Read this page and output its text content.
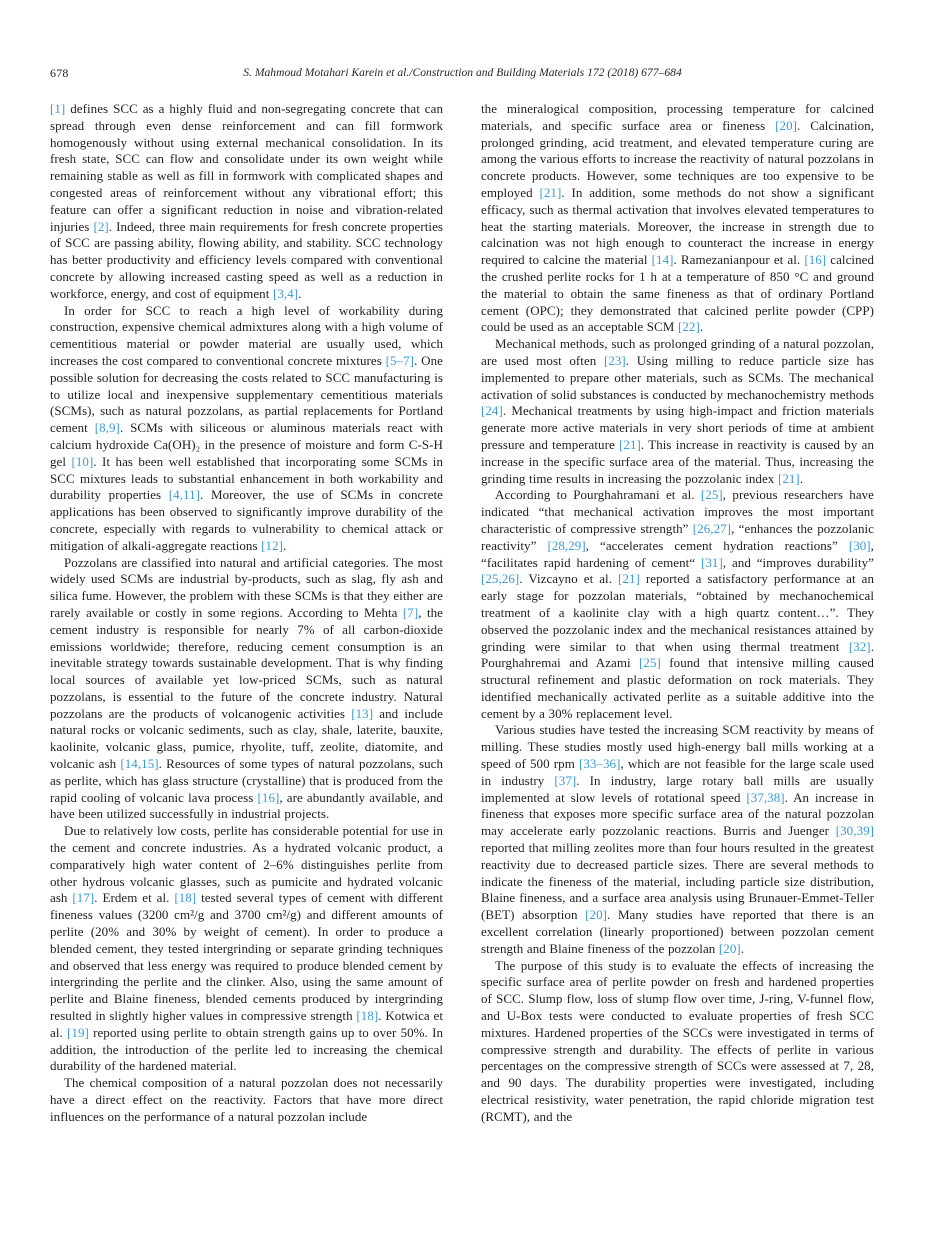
678	S. Mahmoud Motahari Karein et al./Construction and Building Materials 172 (2018) 677–684

[1] defines SCC as a highly fluid and non-segregating concrete that can spread through even dense reinforcement and can fill formwork homogenously without using external mechanical consolidation. In its fresh state, SCC can flow and consolidate under its own weight while remaining stable as well as fill in formwork with complicated shapes and congested areas of reinforcement without any vibrational effort; this feature can offer a significant reduction in noise and vibration-related injuries [2]. Indeed, three main requirements for fresh concrete properties of SCC are passing ability, flowing ability, and stability. SCC technology has better productivity and efficiency levels compared with conventional concrete by allowing increased casting speed as well as a reduction in workforce, energy, and cost of equipment [3,4].

In order for SCC to reach a high level of workability during construction, expensive chemical admixtures along with a high volume of cementitious material or powder material are usually used, which increases the cost compared to conventional concrete mixtures [5–7]. One possible solution for decreasing the costs related to SCC manufacturing is to utilize local and inexpensive supplementary cementitious materials (SCMs), such as natural pozzolans, as partial replacements for Portland cement [8,9]. SCMs with siliceous or aluminous materials react with calcium hydroxide Ca(OH)₂ in the presence of moisture and form C-S-H gel [10]. It has been well established that incorporating some SCMs in SCC mixtures leads to substantial enhancement in both workability and durability properties [4,11]. Moreover, the use of SCMs in concrete applications has been observed to significantly improve durability of the concrete, especially with regards to vulnerability to chemical attack or mitigation of alkali-aggregate reactions [12].

Pozzolans are classified into natural and artificial categories. The most widely used SCMs are industrial by-products, such as slag, fly ash and silica fume. However, the problem with these SCMs is that they either are rarely available or costly in some regions. According to Mehta [7], the cement industry is responsible for nearly 7% of all carbon-dioxide emissions worldwide; therefore, reducing cement consumption is an inevitable strategy towards sustainable development. That is why finding local sources of available yet low-priced SCMs, such as natural pozzolans, is essential to the future of the concrete industry. Natural pozzolans are the products of volcanogenic activities [13] and include natural rocks or volcanic sediments, such as clay, shale, laterite, bauxite, kaolinite, volcanic glass, pumice, rhyolite, tuff, zeolite, diatomite, and volcanic ash [14,15]. Resources of some types of natural pozzolans, such as perlite, which has glass structure (crystalline) that is produced from the rapid cooling of volcanic lava process [16], are abundantly available, and have been utilized successfully in industrial projects.

Due to relatively low costs, perlite has considerable potential for use in the cement and concrete industries. As a hydrated volcanic product, a comparatively high water content of 2–6% distinguishes perlite from other hydrous volcanic glasses, such as pumicite and hydrated volcanic ash [17]. Erdem et al. [18] tested several types of cement with different fineness values (3200 cm²/g and 3700 cm²/g) and different amounts of perlite (20% and 30% by weight of cement). In order to produce a blended cement, they tested intergrinding or separate grinding techniques and observed that less energy was required to produce blended cement by intergrinding the perlite and the clinker. Also, using the same amount of perlite and Blaine fineness, blended cements produced by intergrinding resulted in slightly higher values in compressive strength [18]. Kotwica et al. [19] reported using perlite to obtain strength gains up to over 50%. In addition, the introduction of the perlite led to increasing the chemical durability of the hardened material.

The chemical composition of a natural pozzolan does not necessarily have a direct effect on the reactivity. Factors that have more direct influences on the performance of a natural pozzolan include

the mineralogical composition, processing temperature for calcined materials, and specific surface area or fineness [20]. Calcination, prolonged grinding, acid treatment, and elevated temperature curing are among the various efforts to increase the reactivity of natural pozzolans in concrete products. However, some techniques are too expensive to be employed [21]. In addition, some methods do not show a significant efficacy, such as thermal activation that involves elevated temperatures to heat the starting materials. Moreover, the increase in strength due to calcination was not high enough to counteract the increase in energy required to calcine the material [14]. Ramezanianpour et al. [16] calcined the crushed perlite rocks for 1 h at a temperature of 850 °C and ground the material to obtain the same fineness as that of ordinary Portland cement (OPC); they demonstrated that calcined perlite powder (CPP) could be used as an acceptable SCM [22].

Mechanical methods, such as prolonged grinding of a natural pozzolan, are used most often [23]. Using milling to reduce particle size has implemented to prepare other materials, such as SCMs. The mechanical activation of solid substances is conducted by mechanochemistry methods [24]. Mechanical treatments by using high-impact and friction materials generate more active materials in very short periods of time at ambient pressure and temperature [21]. This increase in reactivity is caused by an increase in the specific surface area of the material. Thus, increasing the grinding time results in increasing the pozzolanic index [21].

According to Pourghahramani et al. [25], previous researchers have indicated “that mechanical activation improves the most important characteristic of compressive strength” [26,27], “enhances the pozzolanic reactivity” [28,29], “accelerates cement hydration reactions” [30], “facilitates rapid hardening of cement“ [31], and “improves durability” [25,26]. Vizcayno et al. [21] reported a satisfactory performance at an early stage for pozzolan materials, “obtained by mechanochemical treatment of a kaolinite clay with a high quartz content…”. They observed the pozzolanic index and the mechanical resistances attained by grinding were similar to that when using thermal treatment [32]. Pourghahremai and Azami [25] found that intensive milling caused structural refinement and plastic deformation on rock materials. They identified mechanically activated perlite as a suitable additive into the cement by a 30% replacement level.

Various studies have tested the increasing SCM reactivity by means of milling. These studies mostly used high-energy ball mills working at a speed of 500 rpm [33–36], which are not feasible for the large scale used in industry [37]. In industry, large rotary ball mills are usually implemented at slow levels of rotational speed [37,38]. An increase in fineness that exposes more specific surface area of the natural pozzolan may accelerate early pozzolanic reactions. Burris and Juenger [30,39] reported that milling zeolites more than four hours resulted in the greatest reactivity due to decreased particle sizes. There are several methods to indicate the fineness of the material, including particle size distribution, Blaine fineness, and a surface area analysis using Brunauer-Emmet-Teller (BET) absorption [20]. Many studies have reported that there is an excellent correlation (linearly proportioned) between pozzolan cement strength and Blaine fineness of the pozzolan [20].

The purpose of this study is to evaluate the effects of increasing the specific surface area of perlite powder on fresh and hardened properties of SCC. Slump flow, loss of slump flow over time, J-ring, V-funnel flow, and U-Box tests were conducted to evaluate properties of fresh SCC mixtures. Hardened properties of the SCCs were investigated in terms of compressive strength and durability. The effects of perlite in various percentages on the compressive strength of SCCs were assessed at 7, 28, and 90 days. The durability properties were investigated, including electrical resistivity, water penetration, the rapid chloride migration test (RCMT), and the
